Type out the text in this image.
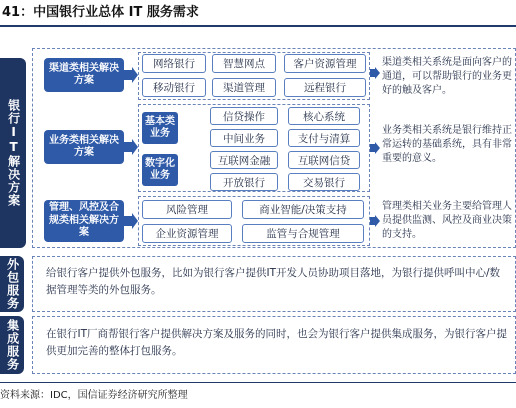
41：中国银行业总体 IT 服务需求
银行IT解决方案
外包服务
集成服务
渠道类相关解决方案
网络银行	智慧网点	客户资源管理
移动银行	渠道管理	远程银行
渠道类相关系统是面向客户的通道，可以帮助银行的业务更好的触及客户。
业务类相关解决方案
基本类业务
数字化业务
信贷操作	核心系统
中间业务	支付与清算
互联网金融	互联网信贷
开放银行	交易银行
业务类相关系统是银行维持正常运转的基础系统，具有非常重要的意义。
管理、风控及合规类相关解决方案
风险管理	商业智能/决策支持
企业资源管理	监管与合规管理
管理类相关业务主要给管理人员提供监测、风控及商业决策的支持。
给银行客户提供外包服务，比如为银行客户提供IT开发人员协助项目落地，为银行提供呼叫中心/数据管理等类的外包服务。
在银行IT厂商帮银行客户提供解决方案及服务的同时，也会为银行客户提供集成服务，为银行客户提供更加完善的整体打包服务。
资料来源：IDC，国信证券经济研究所整理
